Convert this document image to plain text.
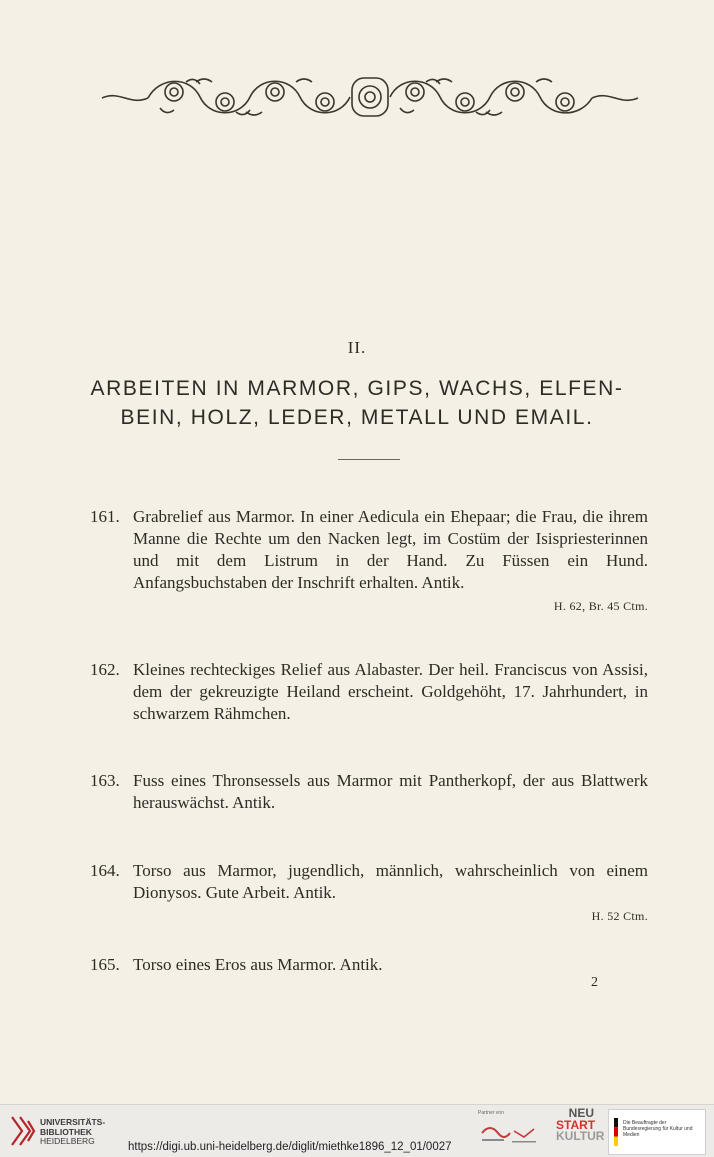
II.
ARBEITEN IN MARMOR, GIPS, WACHS, ELFEN-
BEIN, HOLZ, LEDER, METALL UND EMAIL.
161. Grabrelief aus Marmor. In einer Aedicula ein Ehepaar; die Frau, die ihrem Manne die Rechte um den Nacken legt, im Costüm der Isispriesterinnen und mit dem Listrum in der Hand. Zu Füssen ein Hund. Anfangsbuchstaben der Inschrift erhalten. Antik.
H. 62, Br. 45 Ctm.
162. Kleines rechteckiges Relief aus Alabaster. Der heil. Franciscus von Assisi, dem der gekreuzigte Heiland erscheint. Goldgehöht, 17. Jahrhundert, in schwarzem Rähmchen.
163. Fuss eines Thronsessels aus Marmor mit Pantherkopf, der aus Blattwerk herauswächst. Antik.
164. Torso aus Marmor, jugendlich, männlich, wahrscheinlich von einem Dionysos. Gute Arbeit. Antik.
H. 52 Ctm.
165. Torso eines Eros aus Marmor. Antik.
2
UNIVERSITÄTS-
BIBLIOTHEK
HEIDELBERG	https://digi.ub.uni-heidelberg.de/diglit/miethke1896_12_01/0027
Partner von	NEU
START
KULTUR
Die Beauftragte der Bundesregierung für Kultur und Medien
